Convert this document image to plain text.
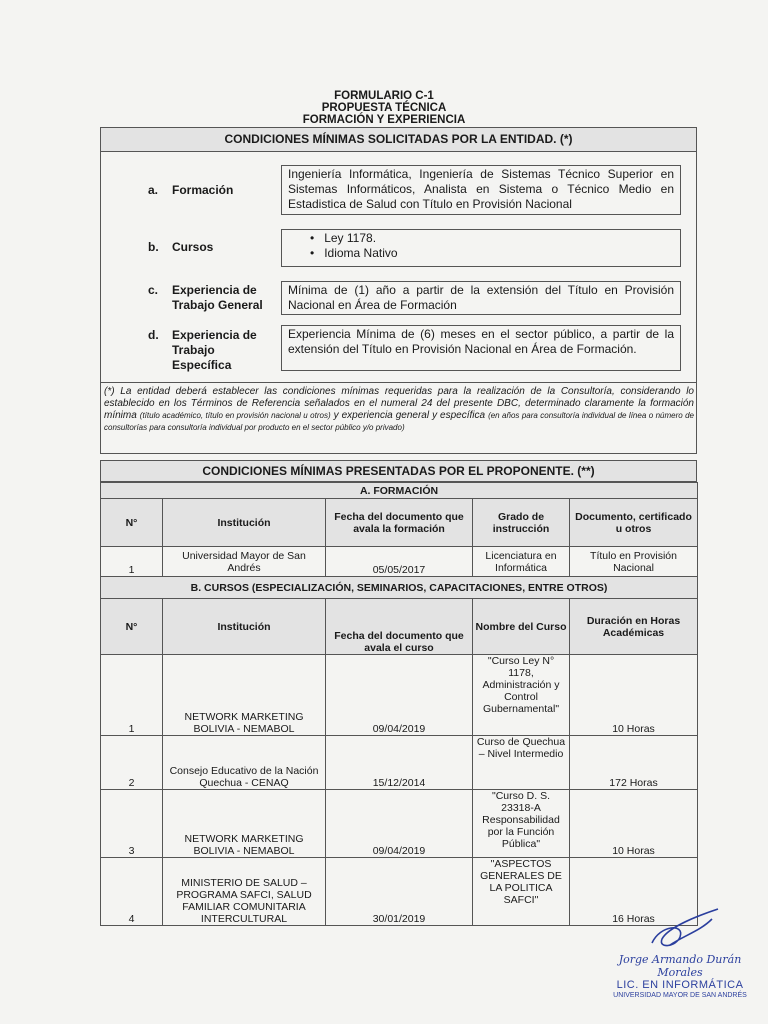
FORMULARIO C-1
PROPUESTA TÉCNICA
FORMACIÓN Y EXPERIENCIA
CONDICIONES MÍNIMAS SOLICITADAS POR LA ENTIDAD. (*)
a. Formación
Ingeniería Informática, Ingeniería de Sistemas Técnico Superior en Sistemas Informáticos, Analista en Sistema o Técnico Medio en Estadistica de Salud con Título en Provisión Nacional
b. Cursos
•   Ley 1178.
•   Idioma Nativo
c. Experiencia de
Trabajo General
Mínima de (1) año a partir de la extensión del Título en Provisión Nacional en Área de Formación
d. Experiencia de
Trabajo
Específica
Experiencia Mínima de (6) meses en el sector público, a partir de la extensión del Título en Provisión Nacional en Área de Formación.
(*) La entidad deberá establecer las condiciones mínimas requeridas para la realización de la Consultoría, considerando lo establecido en los Términos de Referencia señalados en el numeral 24 del presente DBC, determinado claramente la formación mínima (título académico, título en provisión nacional u otros) y experiencia general y específica (en años para consultoría individual de línea o número de consultorías para consultoría individual por producto en el sector público y/o privado)
CONDICIONES MÍNIMAS PRESENTADAS POR EL PROPONENTE. (**)
A. FORMACIÓN				
N°	Institución	Fecha del documento que avala la formación	Grado de instrucción	Documento, certificado u otros
1	Universidad Mayor de San Andrés	05/05/2017	Licenciatura en Informática	Título en Provisión Nacional
B. CURSOS (ESPECIALIZACIÓN, SEMINARIOS, CAPACITACIONES, ENTRE OTROS)				
N°	Institución	Fecha del documento que avala el curso	Nombre del Curso	Duración en Horas Académicas
1	NETWORK MARKETING BOLIVIA - NEMABOL	09/04/2019	"Curso Ley N° 1178, Administración y Control Gubernamental"	10 Horas
2	Consejo Educativo de la Nación Quechua - CENAQ	15/12/2014	Curso de Quechua – Nivel Intermedio	172 Horas
3	NETWORK MARKETING BOLIVIA - NEMABOL	09/04/2019	"Curso D. S. 23318-A Responsabilidad por la Función Pública"	10 Horas
4	MINISTERIO DE SALUD – PROGRAMA SAFCI, SALUD FAMILIAR COMUNITARIA INTERCULTURAL	30/01/2019	"ASPECTOS GENERALES DE LA POLITICA SAFCI"	16 Horas
Jorge Armando Durán Morales
LIC. EN INFORMÁTICA
UNIVERSIDAD MAYOR DE SAN ANDRÉS
